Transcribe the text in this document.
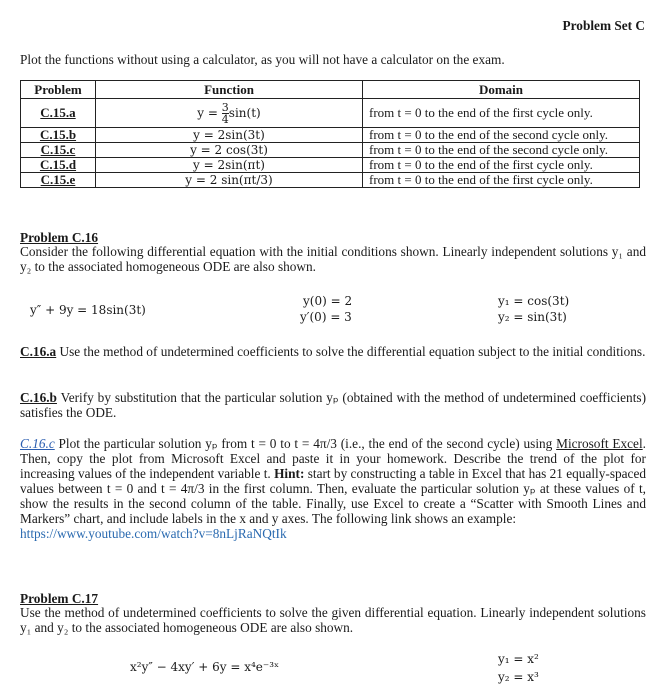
Problem Set C
Plot the functions without using a calculator, as you will not have a calculator on the exam.
Problem	Function	Domain
C.15.a	$y = \frac{3}{4} \sin(t)$	from t = 0 to the end of the first cycle only.
C.15.b	y = 2sin(3t)	from t = 0 to the end of the second cycle only.
C.15.c	y = 2 cos(3t)	from t = 0 to the end of the second cycle only.
C.15.d	y = 2sin(πt)	from t = 0 to the end of the first cycle only.
C.15.e	y = 2 sin(πt/3)	from t = 0 to the end of the first cycle only.
Problem C.16
Consider the following differential equation with the initial conditions shown. Linearly independent solutions y₁ and y₂ to the associated homogeneous ODE are also shown.
y″ + 9y = 18sin(3t)
y(0) = 2
y′(0) = 3
y₁ = cos(3t)
y₂ = sin(3t)
C.16.a Use the method of undetermined coefficients to solve the differential equation subject to the initial conditions.
C.16.b Verify by substitution that the particular solution yₚ (obtained with the method of undetermined coefficients) satisfies the ODE.
C.16.c Plot the particular solution yₚ from t = 0 to t = 4π/3 (i.e., the end of the second cycle) using Microsoft Excel. Then, copy the plot from Microsoft Excel and paste it in your homework. Describe the trend of the plot for increasing values of the independent variable t. Hint: start by constructing a table in Excel that has 21 equally-spaced values between t = 0 and t = 4π/3 in the first column. Then, evaluate the particular solution yₚ at these values of t, show the results in the second column of the table. Finally, use Excel to create a “Scatter with Smooth Lines and Markers” chart, and include labels in the x and y axes. The following link shows an example:
https://www.youtube.com/watch?v=8nLjRaNQtIk
Problem C.17
Use the method of undetermined coefficients to solve the given differential equation. Linearly independent solutions y₁ and y₂ to the associated homogeneous ODE are also shown.
x²y″ − 4xy′ + 6y = x⁴e⁻³ˣ
y₁ = x²
y₂ = x³
